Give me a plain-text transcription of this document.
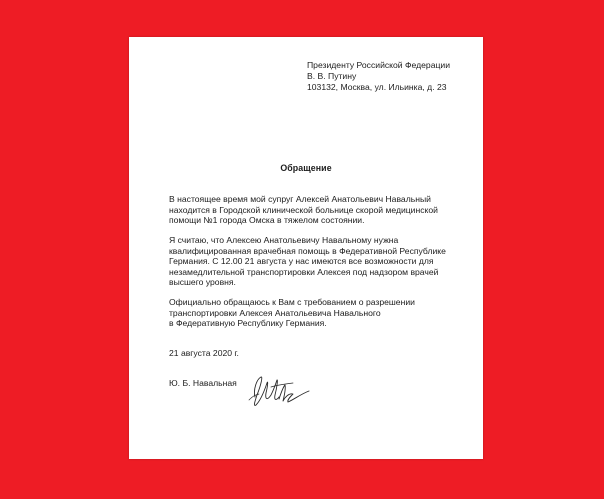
Президенту Российской Федерации
В. В. Путину
103132, Москва, ул. Ильинка, д. 23
Обращение
В настоящее время мой супруг Алексей Анатольевич Навальный
находится в Городской клинической больнице скорой медицинской
помощи №1 города Омска в тяжелом состоянии.
Я считаю, что Алексею Анатольевичу Навальному нужна
квалифицированная врачебная помощь в Федеративной Республике
Германия. С 12.00 21 августа у нас имеются все возможности для
незамедлительной транспортировки Алексея под надзором врачей
высшего уровня.
Официально обращаюсь к Вам с требованием о разрешении
транспортировки Алексея Анатольевича Навального
в Федеративную Республику Германия.
21 августа 2020 г.
Ю. Б. Навальная
